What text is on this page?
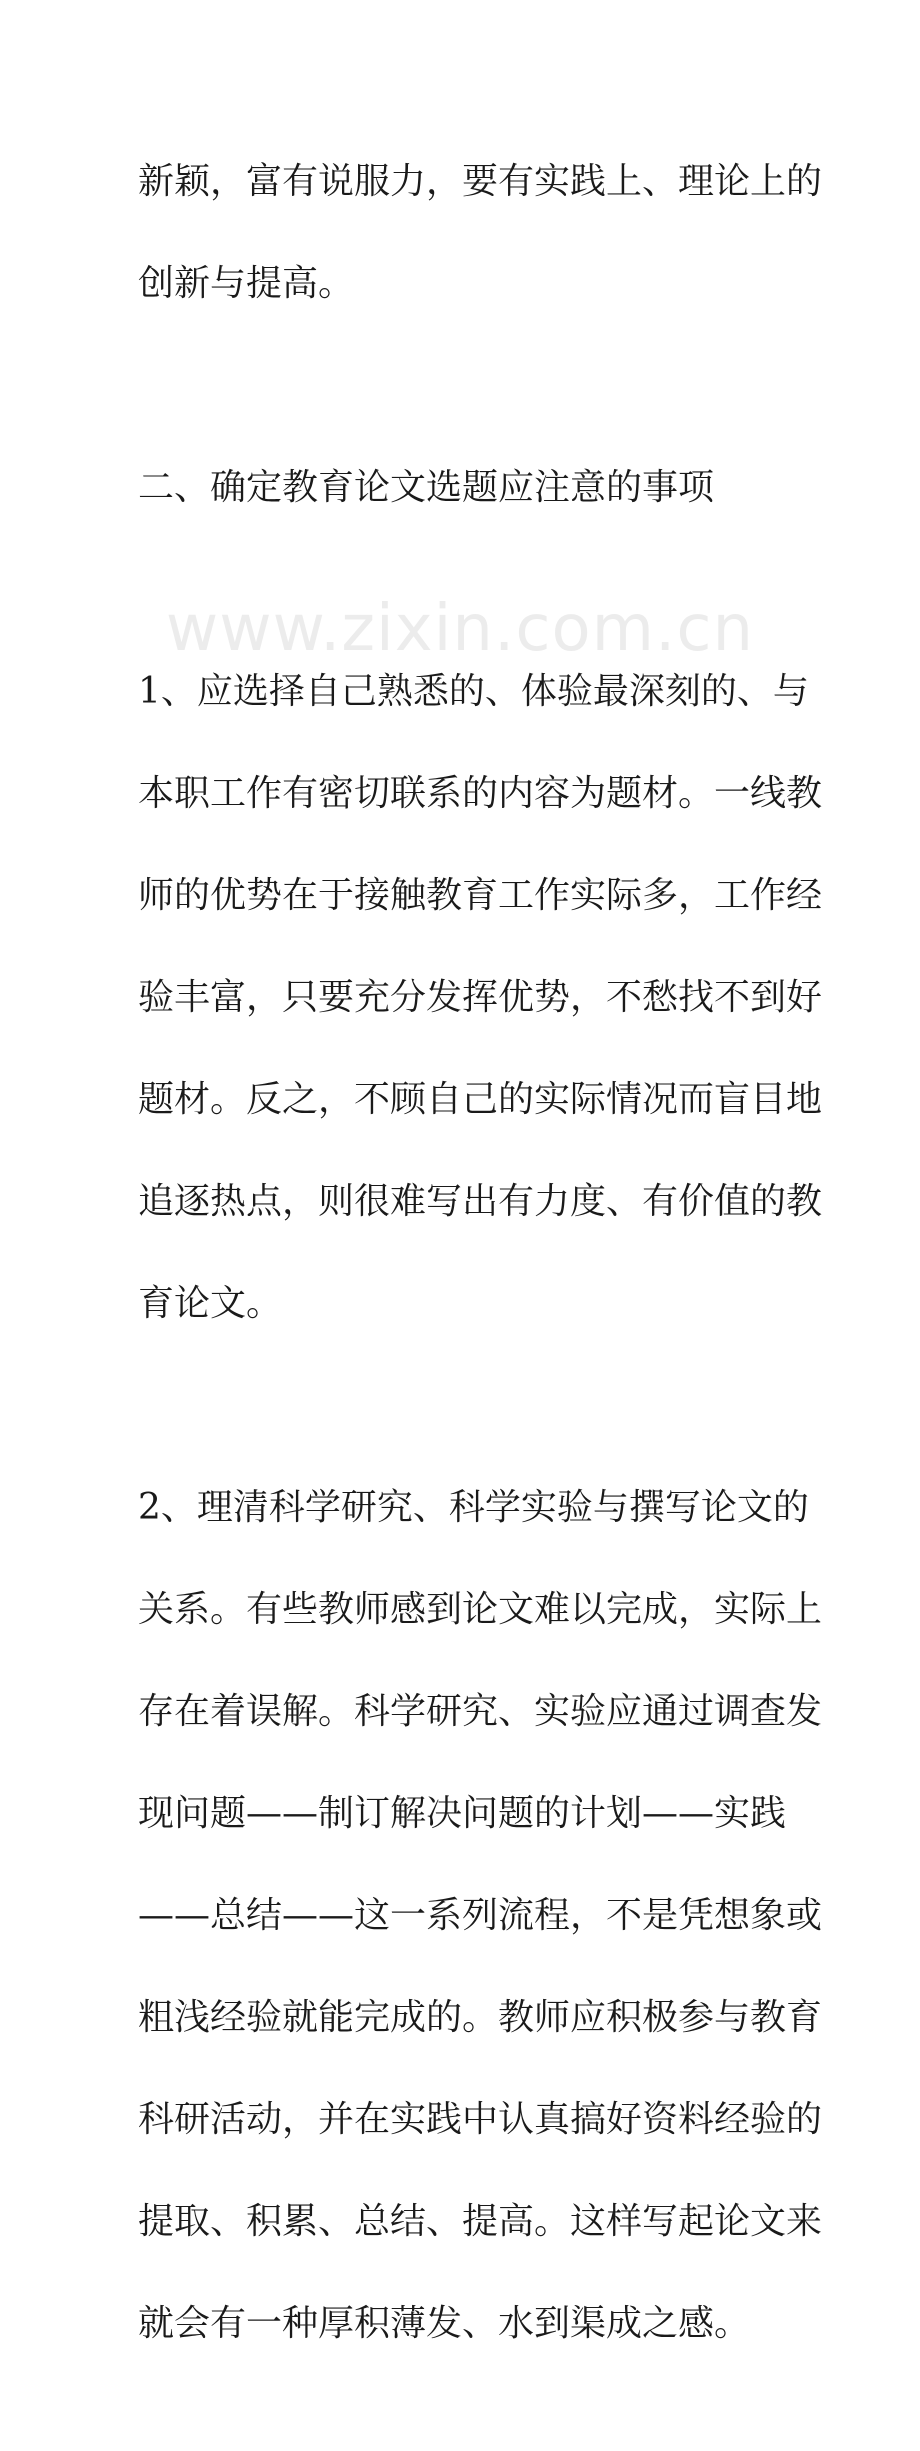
新颖，富有说服力，要有实践上、理论上的

创新与提高。

二、确定教育论文选题应注意的事项

1、应选择自己熟悉的、体验最深刻的、与

本职工作有密切联系的内容为题材。一线教

师的优势在于接触教育工作实际多，工作经

验丰富，只要充分发挥优势，不愁找不到好

题材。反之，不顾自己的实际情况而盲目地

追逐热点，则很难写出有力度、有价值的教

育论文。

2、理清科学研究、科学实验与撰写论文的

关系。有些教师感到论文难以完成，实际上

存在着误解。科学研究、实验应通过调查发

现问题——制订解决问题的计划——实践

——总结——这一系列流程，不是凭想象或

粗浅经验就能完成的。教师应积极参与教育

科研活动，并在实践中认真搞好资料经验的

提取、积累、总结、提高。这样写起论文来

就会有一种厚积薄发、水到渠成之感。

www.zixin.com.cn
